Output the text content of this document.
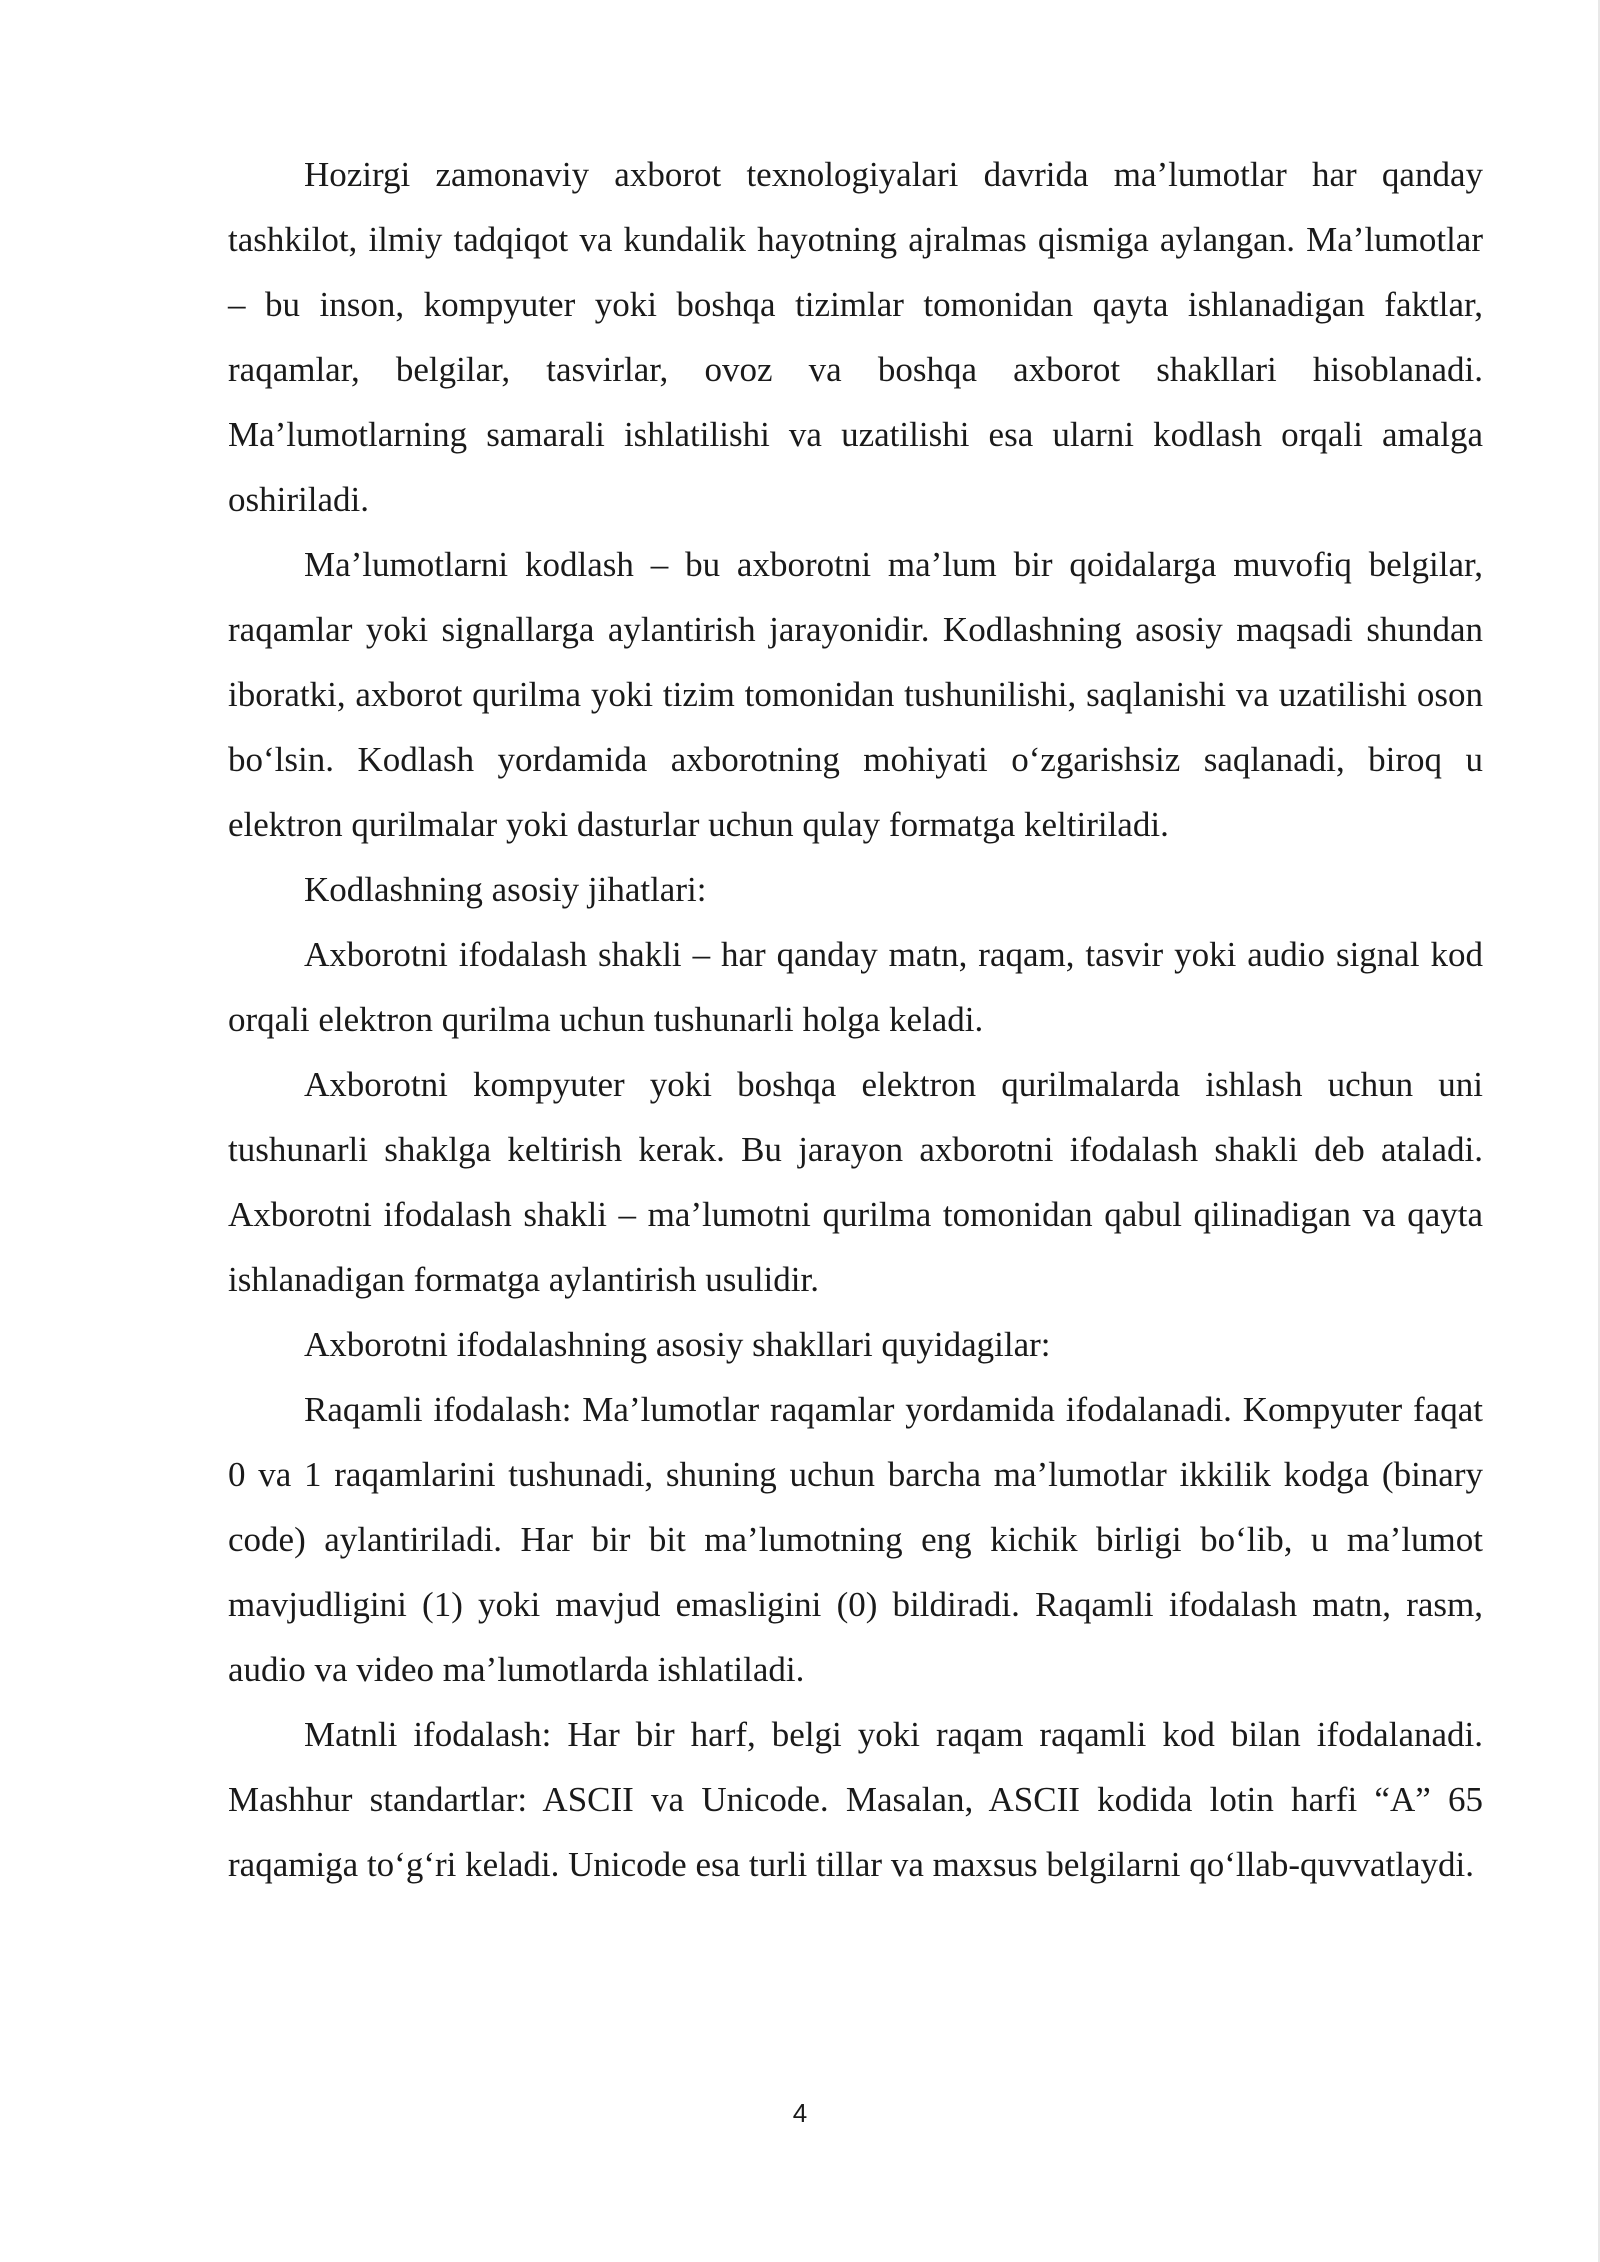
Hozirgi zamonaviy axborot texnologiyalari davrida ma’lumotlar har qanday tashkilot, ilmiy tadqiqot va kundalik hayotning ajralmas qismiga aylangan. Ma’lumotlar – bu inson, kompyuter yoki boshqa tizimlar tomonidan qayta ishlanadigan faktlar, raqamlar, belgilar, tasvirlar, ovoz va boshqa axborot shakllari hisoblanadi. Ma’lumotlarning samarali ishlatilishi va uzatilishi esa ularni kodlash orqali amalga oshiriladi.

Ma’lumotlarni kodlash – bu axborotni ma’lum bir qoidalarga muvofiq belgilar, raqamlar yoki signallarga aylantirish jarayonidir. Kodlashning asosiy maqsadi shundan iboratki, axborot qurilma yoki tizim tomonidan tushunilishi, saqlanishi va uzatilishi oson bo‘lsin. Kodlash yordamida axborotning mohiyati o‘zgarishsiz saqlanadi, biroq u elektron qurilmalar yoki dasturlar uchun qulay formatga keltiriladi.

Kodlashning asosiy jihatlari:

Axborotni ifodalash shakli – har qanday matn, raqam, tasvir yoki audio signal kod orqali elektron qurilma uchun tushunarli holga keladi.

Axborotni kompyuter yoki boshqa elektron qurilmalarda ishlash uchun uni tushunarli shaklga keltirish kerak. Bu jarayon axborotni ifodalash shakli deb ataladi. Axborotni ifodalash shakli – ma’lumotni qurilma tomonidan qabul qilinadigan va qayta ishlanadigan formatga aylantirish usulidir.

Axborotni ifodalashning asosiy shakllari quyidagilar:

Raqamli ifodalash: Ma’lumotlar raqamlar yordamida ifodalanadi. Kompyuter faqat 0 va 1 raqamlarini tushunadi, shuning uchun barcha ma’lumotlar ikkilik kodga (binary code) aylantiriladi. Har bir bit ma’lumotning eng kichik birligi bo‘lib, u ma’lumot mavjudligini (1) yoki mavjud emasligini (0) bildiradi. Raqamli ifodalash matn, rasm, audio va video ma’lumotlarda ishlatiladi.

Matnli ifodalash: Har bir harf, belgi yoki raqam raqamli kod bilan ifodalanadi. Mashhur standartlar: ASCII va Unicode. Masalan, ASCII kodida lotin harfi “A” 65 raqamiga to‘g‘ri keladi. Unicode esa turli tillar va maxsus belgilarni qo‘llab-quvvatlaydi.

4
